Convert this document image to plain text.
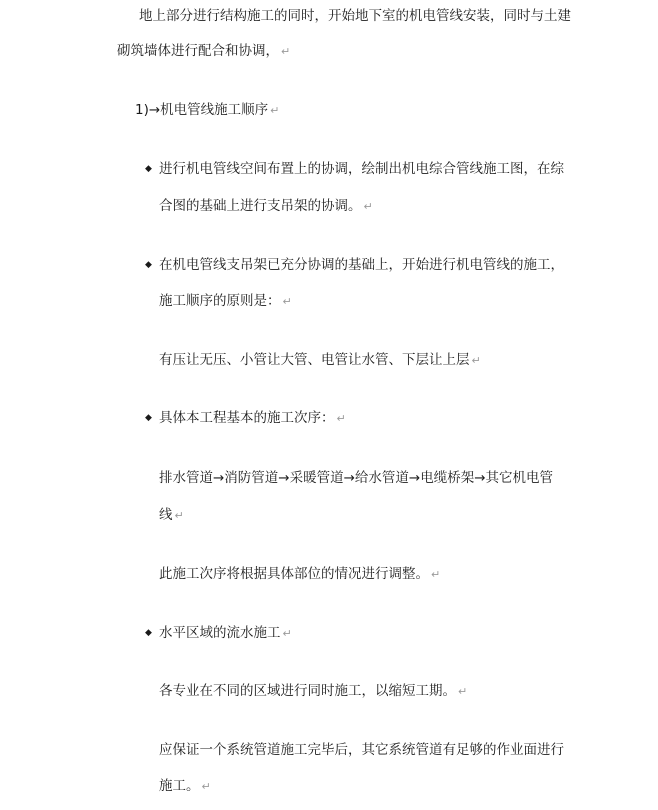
地上部分进行结构施工的同时，开始地下室的机电管线安装，同时与土建
砌筑墙体进行配合和协调， ↵
1)→机电管线施工顺序 ↵
◆ 进行机电管线空间布置上的协调，绘制出机电综合管线施工图，在综
合图的基础上进行支吊架的协调。 ↵
◆ 在机电管线支吊架已充分协调的基础上，开始进行机电管线的施工，
施工顺序的原则是： ↵
有压让无压、小管让大管、电管让水管、下层让上层 ↵
◆ 具体本工程基本的施工次序： ↵
排水管道→消防管道→采暖管道→给水管道→电缆桥架→其它机电管
线 ↵
此施工次序将根据具体部位的情况进行调整。 ↵
◆ 水平区域的流水施工 ↵
各专业在不同的区域进行同时施工，以缩短工期。 ↵
应保证一个系统管道施工完毕后，其它系统管道有足够的作业面进行
施工。 ↵
